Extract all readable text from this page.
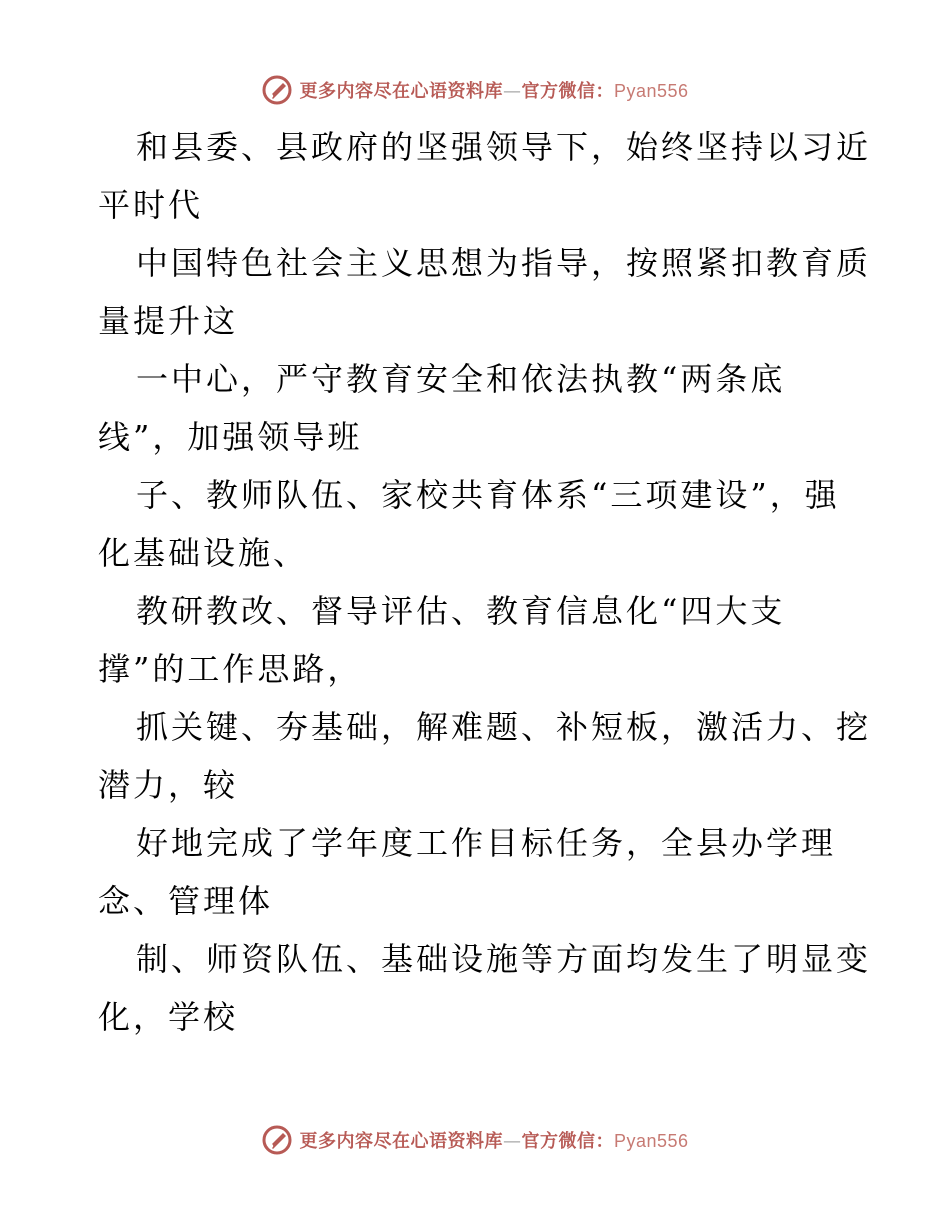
更多内容尽在心语资料库—官方微信：Pyan556
和县委、县政府的坚强领导下，始终坚持以习近
平时代
中国特色社会主义思想为指导，按照紧扣教育质
量提升这
一中心，严守教育安全和依法执教“两条底
线”，加强领导班
子、教师队伍、家校共育体系“三项建设”，强
化基础设施、
教研教改、督导评估、教育信息化“四大支
撑”的工作思路，
抓关键、夯基础，解难题、补短板，激活力、挖
潜力，较
好地完成了学年度工作目标任务，全县办学理
念、管理体
制、师资队伍、基础设施等方面均发生了明显变
化，学校
更多内容尽在心语资料库—官方微信：Pyan556
